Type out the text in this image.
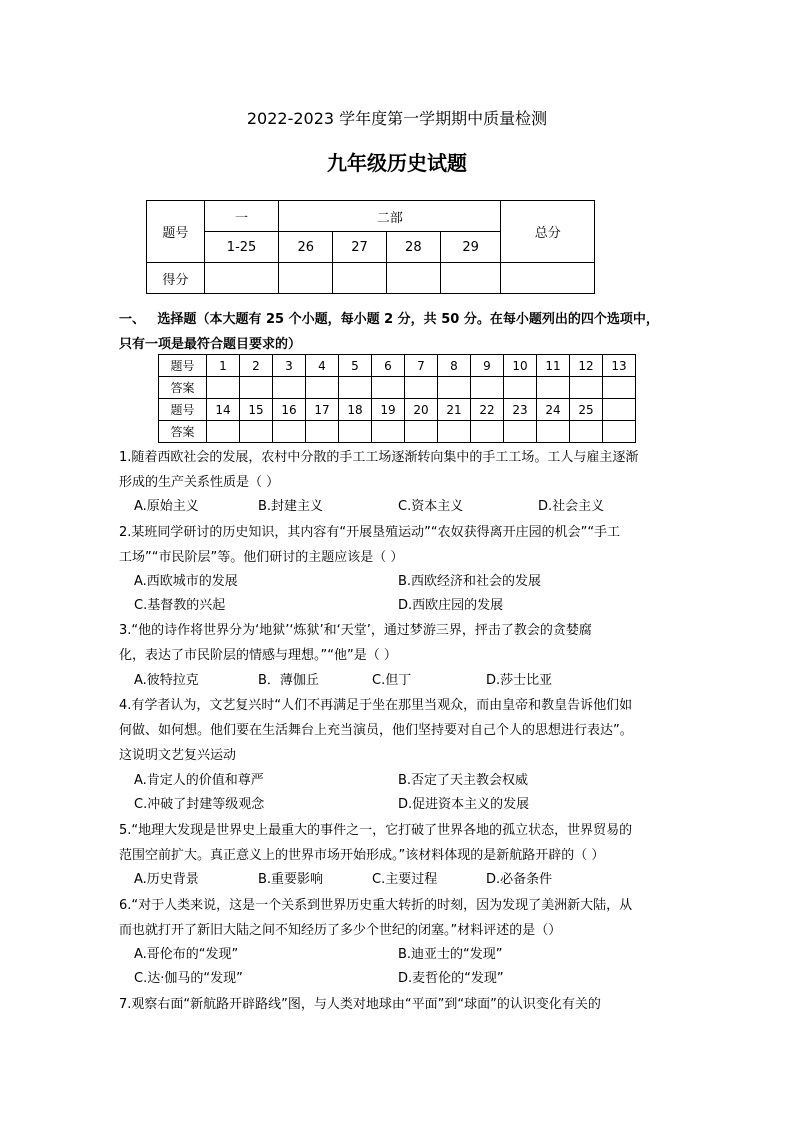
2022-2023 学年度第一学期期中质量检测
九年级历史试题
题号	一	二部				总分
	1-25	26	27	28	29	
得分						
一、 选择题（本大题有 25 个小题，每小题 2 分，共 50 分。在每小题列出的四个选项中，
只有一项是最符合题目要求的）
题号	1	2	3	4	5	6	7	8	9	10	11	12	13
答案													
题号	14	15	16	17	18	19	20	21	22	23	24	25	
答案													
1.随着西欧社会的发展，农村中分散的手工工场逐渐转向集中的手工工场。工人与雇主逐渐
形成的生产关系性质是（ ）
A.原始主义	B.封建主义	C.资本主义	D.社会主义
2.某班同学研讨的历史知识，其内容有“开展垦殖运动”“农奴获得离开庄园的机会”“手工
工场”“市民阶层”等。他们研讨的主题应该是（ ）
A.西欧城市的发展	B.西欧经济和社会的发展
C.基督教的兴起	D.西欧庄园的发展
3.“他的诗作将世界分为‘地狱’‘炼狱’和‘天堂’，通过梦游三界，抨击了教会的贪婪腐
化，表达了市民阶层的情感与理想。”“他”是（ ）
A.彼特拉克	B．薄伽丘	C.但丁	D.莎士比亚
4.有学者认为，文艺复兴时“人们不再满足于坐在那里当观众，而由皇帝和教皇告诉他们如
何做、如何想。他们要在生活舞台上充当演员，他们坚持要对自己个人的思想进行表达”。
这说明文艺复兴运动
A.肯定人的价值和尊严	B.否定了天主教会权威
C.冲破了封建等级观念	D.促进资本主义的发展
5.“地理大发现是世界史上最重大的事件之一，它打破了世界各地的孤立状态，世界贸易的
范围空前扩大。真正意义上的世界市场开始形成。”该材料体现的是新航路开辟的（ ）
A.历史背景	B.重要影响	C.主要过程	D.必备条件
6.“对于人类来说，这是一个关系到世界历史重大转折的时刻，因为发现了美洲新大陆，从
而也就打开了新旧大陆之间不知经历了多少个世纪的闭塞。”材料评述的是（）
A.哥伦布的“发现”	B.迪亚士的“发现”
C.达·伽马的“发现”	D.麦哲伦的“发现”
7.观察右面“新航路开辟路线”图，与人类对地球由“平面”到“球面”的认识变化有关的
